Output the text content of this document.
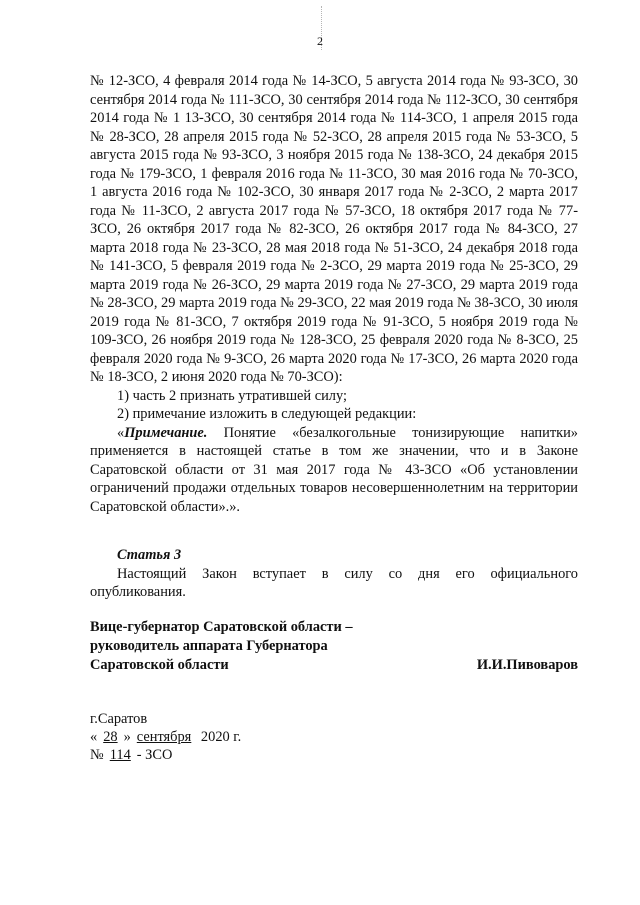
2

№ 12-ЗСО, 4 февраля 2014 года № 14-ЗСО, 5 августа 2014 года № 93-ЗСО, 30 сентября 2014 года № 111-ЗСО, 30 сентября 2014 года № 112-ЗСО, 30 сентября 2014 года № 1 13-ЗСО, 30 сентября 2014 года № 114-ЗСО, 1 апреля 2015 года № 28-ЗСО, 28 апреля 2015 года № 52-ЗСО, 28 апреля 2015 года № 53-ЗСО, 5 августа 2015 года № 93-ЗСО, 3 ноября 2015 года № 138-ЗСО, 24 декабря 2015 года № 179-ЗСО, 1 февраля 2016 года № 11-ЗСО, 30 мая 2016 года № 70-ЗСО, 1 августа 2016 года № 102-ЗСО, 30 января 2017 года № 2-ЗСО, 2 марта 2017 года № 11-ЗСО, 2 августа 2017 года № 57-ЗСО, 18 октября 2017 года № 77-ЗСО, 26 октября 2017 года № 82-ЗСО, 26 октября 2017 года № 84-ЗСО, 27 марта 2018 года № 23-ЗСО, 28 мая 2018 года № 51-ЗСО, 24 декабря 2018 года № 141-ЗСО, 5 февраля 2019 года № 2-ЗСО, 29 марта 2019 года № 25-ЗСО, 29 марта 2019 года № 26-ЗСО, 29 марта 2019 года № 27-ЗСО, 29 марта 2019 года № 28-ЗСО, 29 марта 2019 года № 29-ЗСО, 22 мая 2019 года № 38-ЗСО, 30 июля 2019 года № 81-ЗСО, 7 октября 2019 года № 91-ЗСО, 5 ноября 2019 года № 109-ЗСО, 26 ноября 2019 года № 128-ЗСО, 25 февраля 2020 года № 8-ЗСО, 25 февраля 2020 года № 9-ЗСО, 26 марта 2020 года № 17-ЗСО, 26 марта 2020 года № 18-ЗСО, 2 июня 2020 года № 70-ЗСО):

1) часть 2 признать утратившей силу;

2) примечание изложить в следующей редакции:

«Примечание. Понятие «безалкогольные тонизирующие напитки» применяется в настоящей статье в том же значении, что и в Законе Саратовской области от 31 мая 2017 года № 43-ЗСО «Об установлении ограничений продажи отдельных товаров несовершеннолетним на территории Саратовской области».».

Статья 3

Настоящий Закон вступает в силу со дня его официального опубликования.

Вице-губернатор Саратовской области –
руководитель аппарата Губернатора
Саратовской области	И.И.Пивоваров
г.Саратов
« 28 » сентября 2020 г.
№ 114 - ЗСО
